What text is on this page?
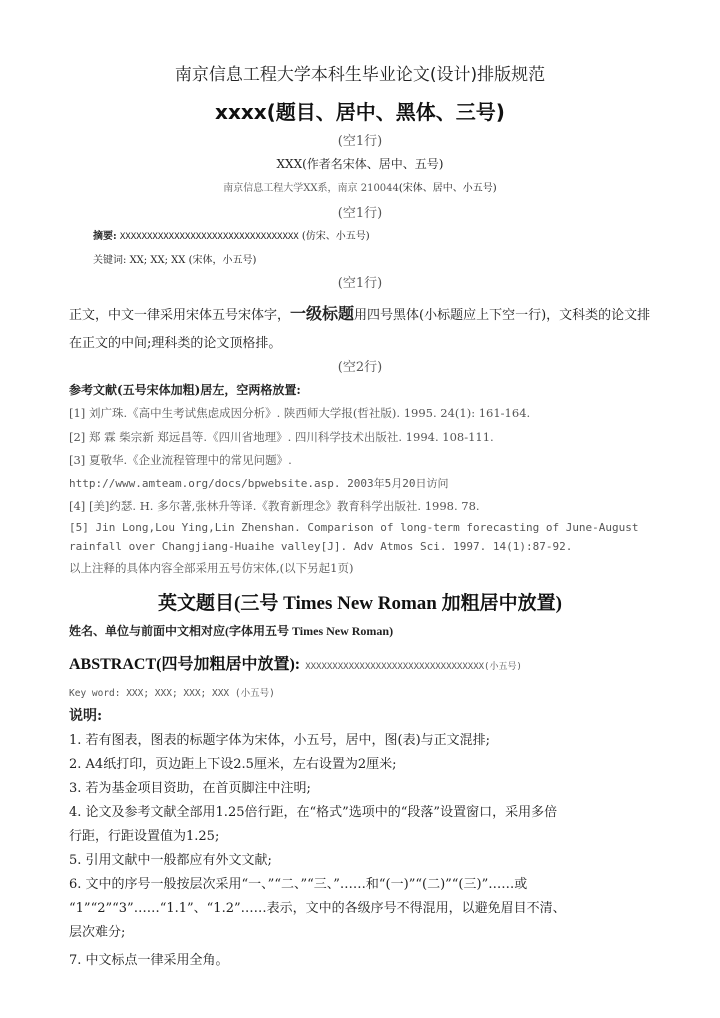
南京信息工程大学本科生毕业论文(设计)排版规范
xxxx(题目、居中、黑体、三号)
(空1行)
XXX(作者名宋体、居中、五号)
南京信息工程大学XX系，南京 210044(宋体、居中、小五号)
(空1行)
摘要: XXXXXXXXXXXXXXXXXXXXXXXXXXXXXXXXX (仿宋、小五号)
关键词: XX; XX; XX (宋体，小五号)
(空1行)
正文，中文一律采用宋体五号宋体字，一级标题用四号黑体(小标题应上下空一行)，文科类的论文排
在正文的中间;理科类的论文顶格排。
(空2行)
参考文献(五号宋体加粗)居左，空两格放置:
[1] 刘广珠.《高中生考试焦虑成因分析》. 陕西师大学报(哲社版). 1995. 24(1): 161-164.
[2] 郑 霖 柴宗新 郑远昌等.《四川省地理》. 四川科学技术出版社. 1994. 108-111.
[3] 夏敬华.《企业流程管理中的常见问题》.
http://www.amteam.org/docs/bpwebsite.asp. 2003年5月20日访问
[4] [美]约瑟. H. 多尔著,张林升等译.《教育新理念》教育科学出版社. 1998. 78.
[5] Jin Long,Lou Ying,Lin Zhenshan. Comparison of long-term forecasting of June-August
rainfall over Changjiang-Huaihe valley[J]. Adv Atmos Sci. 1997. 14(1):87-92.
以上注释的具体内容全部采用五号仿宋体,(以下另起1页)
英文题目(三号 Times New Roman 加粗居中放置)
姓名、单位与前面中文相对应(字体用五号 Times New Roman)
ABSTRACT(四号加粗居中放置): XXXXXXXXXXXXXXXXXXXXXXXXXXXXXXXXX(小五号)
Key word: XXX; XXX; XXX; XXX (小五号)
说明:
1. 若有图表，图表的标题字体为宋体，小五号，居中，图(表)与正文混排;
2. A4纸打印，页边距上下设2.5厘米，左右设置为2厘米;
3. 若为基金项目资助，在首页脚注中注明;
4. 论文及参考文献全部用1.25倍行距，在“格式”选项中的“段落”设置窗口，采用多倍
行距，行距设置值为1.25;
5. 引用文献中一般都应有外文文献;
6. 文中的序号一般按层次采用“一、”“二、”“三、”……和“(一)”“(二)”“(三)”……或
“1”“2”“3”……“1.1”、“1.2”……表示，文中的各级序号不得混用，以避免眉目不清、
层次难分;
7. 中文标点一律采用全角。
